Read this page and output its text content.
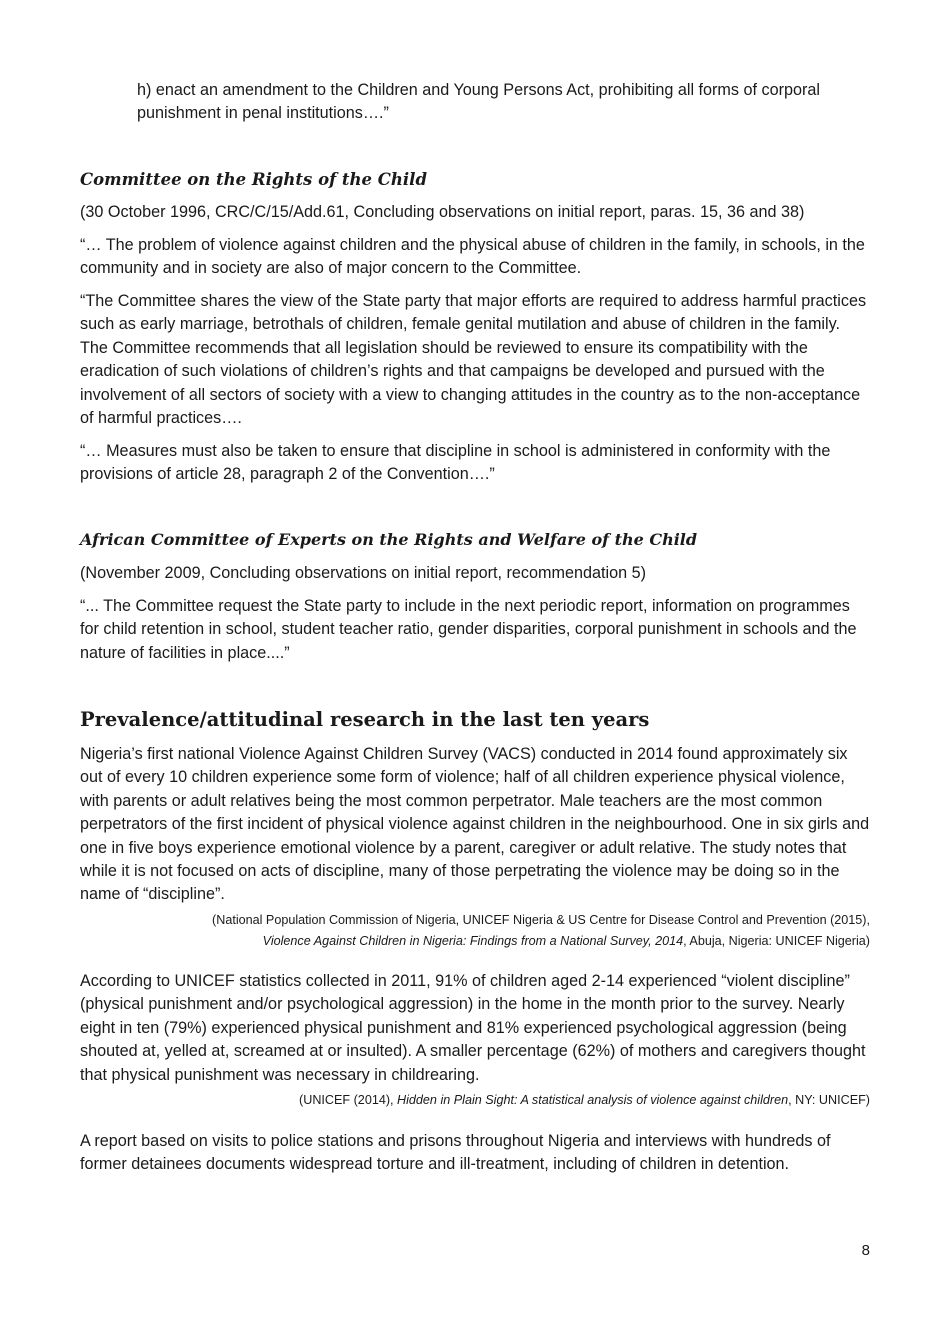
h) enact an amendment to the Children and Young Persons Act, prohibiting all forms of corporal punishment in penal institutions….”

Committee on the Rights of the Child

(30 October 1996, CRC/C/15/Add.61, Concluding observations on initial report, paras. 15, 36 and 38)

“… The problem of violence against children and the physical abuse of children in the family, in schools, in the community and in society are also of major concern to the Committee.

“The Committee shares the view of the State party that major efforts are required to address harmful practices such as early marriage, betrothals of children, female genital mutilation and abuse of children in the family. The Committee recommends that all legislation should be reviewed to ensure its compatibility with the eradication of such violations of children’s rights and that campaigns be developed and pursued with the involvement of all sectors of society with a view to changing attitudes in the country as to the non-acceptance of harmful practices….

“… Measures must also be taken to ensure that discipline in school is administered in conformity with the provisions of article 28, paragraph 2 of the Convention….”

African Committee of Experts on the Rights and Welfare of the Child

(November 2009, Concluding observations on initial report, recommendation 5)

“... The Committee request the State party to include in the next periodic report, information on programmes for child retention in school, student teacher ratio, gender disparities, corporal punishment in schools and the nature of facilities in place....”

Prevalence/attitudinal research in the last ten years

Nigeria’s first national Violence Against Children Survey (VACS) conducted in 2014 found approximately six out of every 10 children experience some form of violence; half of all children experience physical violence, with parents or adult relatives being the most common perpetrator. Male teachers are the most common perpetrators of the first incident of physical violence against children in the neighbourhood. One in six girls and one in five boys experience emotional violence by a parent, caregiver or adult relative. The study notes that while it is not focused on acts of discipline, many of those perpetrating the violence may be doing so in the name of “discipline”.

(National Population Commission of Nigeria, UNICEF Nigeria & US Centre for Disease Control and Prevention (2015),
Violence Against Children in Nigeria: Findings from a National Survey, 2014, Abuja, Nigeria: UNICEF Nigeria)

According to UNICEF statistics collected in 2011, 91% of children aged 2-14 experienced “violent discipline” (physical punishment and/or psychological aggression) in the home in the month prior to the survey. Nearly eight in ten (79%) experienced physical punishment and 81% experienced psychological aggression (being shouted at, yelled at, screamed at or insulted). A smaller percentage (62%) of mothers and caregivers thought that physical punishment was necessary in childrearing.

(UNICEF (2014), Hidden in Plain Sight: A statistical analysis of violence against children, NY: UNICEF)

A report based on visits to police stations and prisons throughout Nigeria and interviews with hundreds of former detainees documents widespread torture and ill-treatment, including of children in detention.

8
